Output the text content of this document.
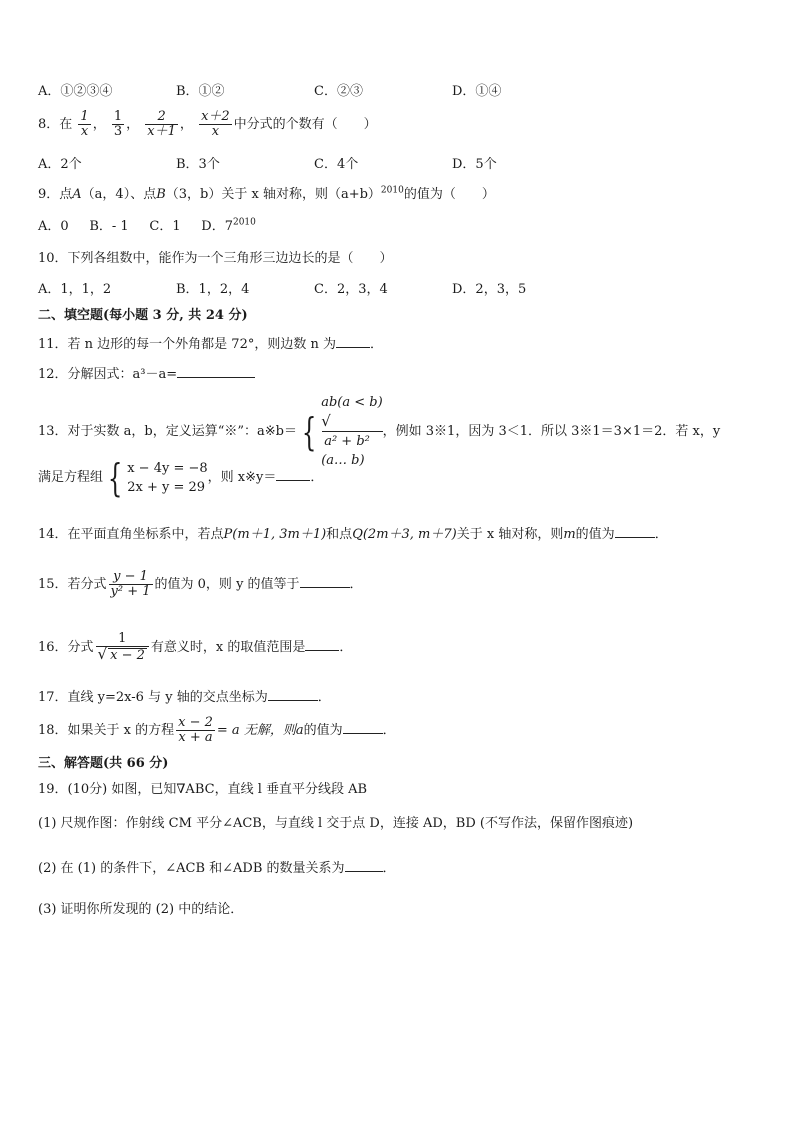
A．①②③④	B．①②	C．②③	D．①④
8．在 $\frac{1}{x}$ ， $\frac{1}{3}$ ， $\frac{2}{x+1}$ ， $\frac{x+2}{x}$ 中分式的个数有（　　）
A．2个	B．3个	C．4个	D．5个
9．点A（a，4）、点B（3，b）关于 x 轴对称，则$(a+b)^{2010}$的值为（　　）
A．0 B．- 1 C．1 D．$7^{2010}$
10．下列各组数中，能作为一个三角形三边边长的是（　　）
A．1，1，2	B．1，2，4	C．2，3，4	D．2，3，5
二、填空题(每小题 3 分, 共 24 分)
11．若 n 边形的每一个外角都是 72°，则边数 n 为	．
12．分解因式：a³－a=
13．对于实数 a，b，定义运算“※”：a※b＝ {
ab(a < b)
√
a² + b²
(a… b)
，例如 3※1，因为 3＜1．所以 3※1＝3×1＝2．若 x，y
满足方程组 { x − 4y = −8
2x + y = 29
，则 x※y＝	．
14．在平面直角坐标系中，若点P(m＋1, 3m＋1)和点Q(2m＋3, m＋7)关于 x 轴对称，则m的值为	．
15．若分式 $\frac{y - 1}{\text{y² + 1}}$ 的值为 0，则 y 的值等于	．
16．分式 $\frac{1}{√ x - 2}$ 有意义时，x 的取值范围是	．
17．直线 y=2x-6 与 y 轴的交点坐标为	．
18．如果关于 x 的方程 $\frac{x - 2}{x + a} = a$ 无解，则a的值为	．
三、解答题(共 66 分)
19．(10分) 如图，已知∇ABC，直线 l 垂直平分线段 AB
(1) 尺规作图：作射线 CM 平分∠ACB，与直线 l 交于点 D，连接 AD，BD (不写作法，保留作图痕迹)
(2) 在 (1) 的条件下，∠ACB 和∠ADB 的数量关系为	．
(3) 证明你所发现的 (2) 中的结论．
